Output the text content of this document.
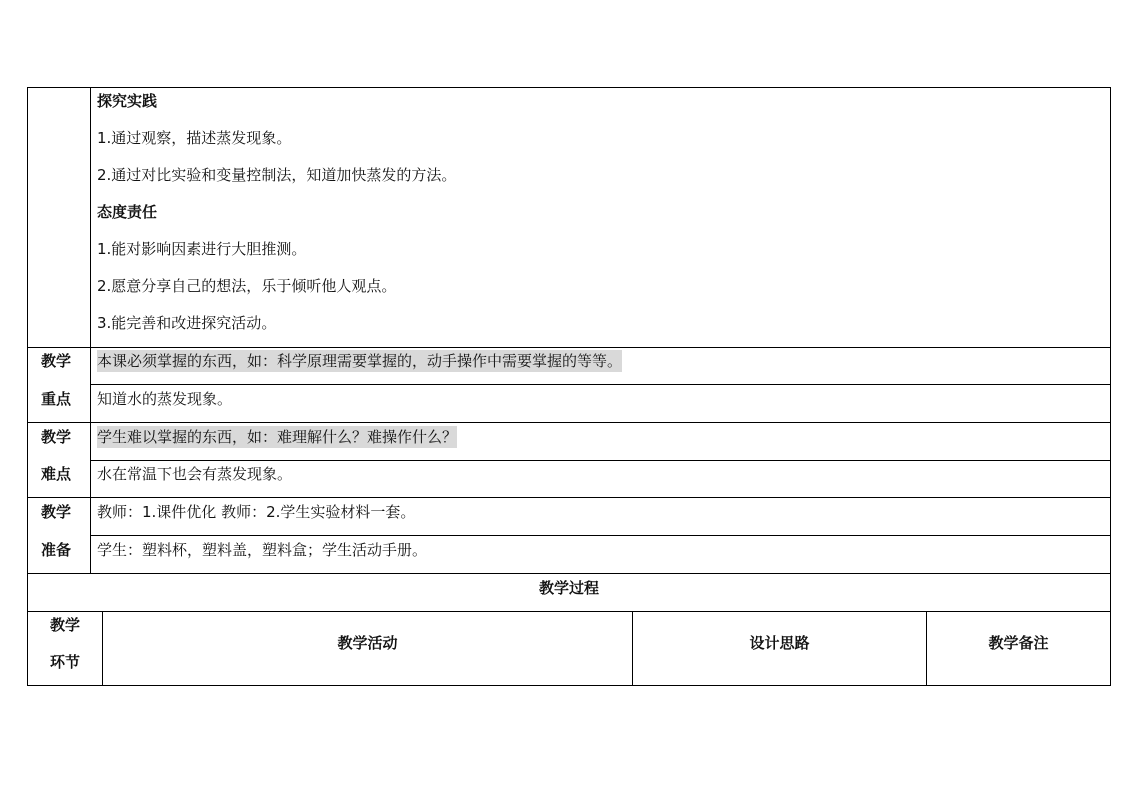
探究实践
1.通过观察，描述蒸发现象。
2.通过对比实验和变量控制法，知道加快蒸发的方法。
态度责任
1.能对影响因素进行大胆推测。
2.愿意分享自己的想法，乐于倾听他人观点。
3.能完善和改进探究活动。
教学
重点
本课必须掌握的东西，如：科学原理需要掌握的，动手操作中需要掌握的等等。
知道水的蒸发现象。
教学
难点
学生难以掌握的东西，如：难理解什么？难操作什么？
水在常温下也会有蒸发现象。
教学
准备
教师：1.课件优化 教师：2.学生实验材料一套。
学生：塑料杯，塑料盖，塑料盒；学生活动手册。
教学过程
教学
环节
教学活动	设计思路	教学备注
